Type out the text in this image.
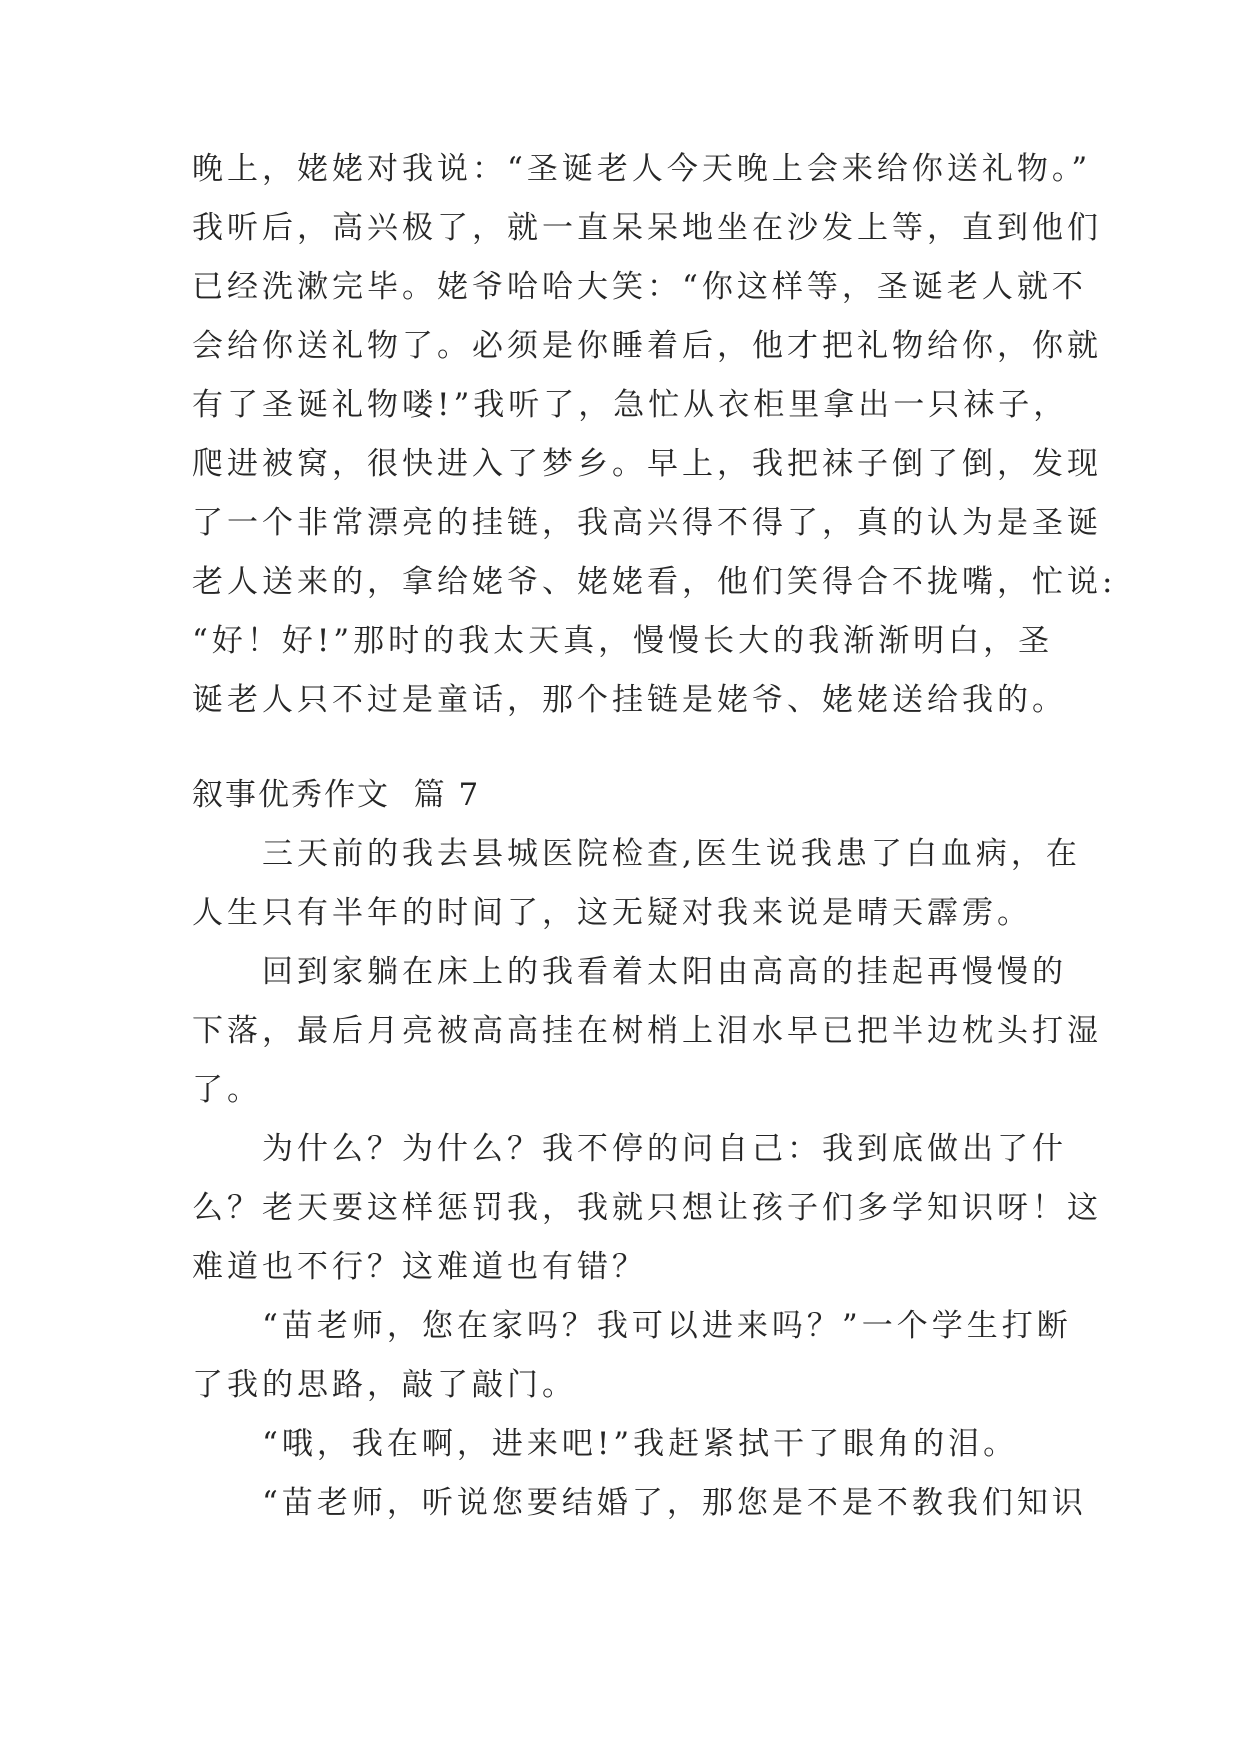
晚上，姥姥对我说：“圣诞老人今天晚上会来给你送礼物。”
我听后，高兴极了，就一直呆呆地坐在沙发上等，直到他们
已经洗漱完毕。姥爷哈哈大笑：“你这样等，圣诞老人就不
会给你送礼物了。必须是你睡着后，他才把礼物给你，你就
有了圣诞礼物喽!”我听了，急忙从衣柜里拿出一只袜子，
爬进被窝，很快进入了梦乡。早上，我把袜子倒了倒，发现
了一个非常漂亮的挂链，我高兴得不得了，真的认为是圣诞
老人送来的，拿给姥爷、姥姥看，他们笑得合不拢嘴，忙说:
“好！好!”那时的我太天真，慢慢长大的我渐渐明白，圣
诞老人只不过是童话，那个挂链是姥爷、姥姥送给我的。
叙事优秀作文  篇 7
三天前的我去县城医院检查,医生说我患了白血病，在
人生只有半年的时间了，这无疑对我来说是晴天霹雳。
回到家躺在床上的我看着太阳由高高的挂起再慢慢的
下落，最后月亮被高高挂在树梢上泪水早已把半边枕头打湿
了。
为什么？为什么？我不停的问自己：我到底做出了什
么？老天要这样惩罚我，我就只想让孩子们多学知识呀！这
难道也不行？这难道也有错？
“苗老师，您在家吗？我可以进来吗？”一个学生打断
了我的思路，敲了敲门。
“哦，我在啊，进来吧!”我赶紧拭干了眼角的泪。
“苗老师，听说您要结婚了，那您是不是不教我们知识
